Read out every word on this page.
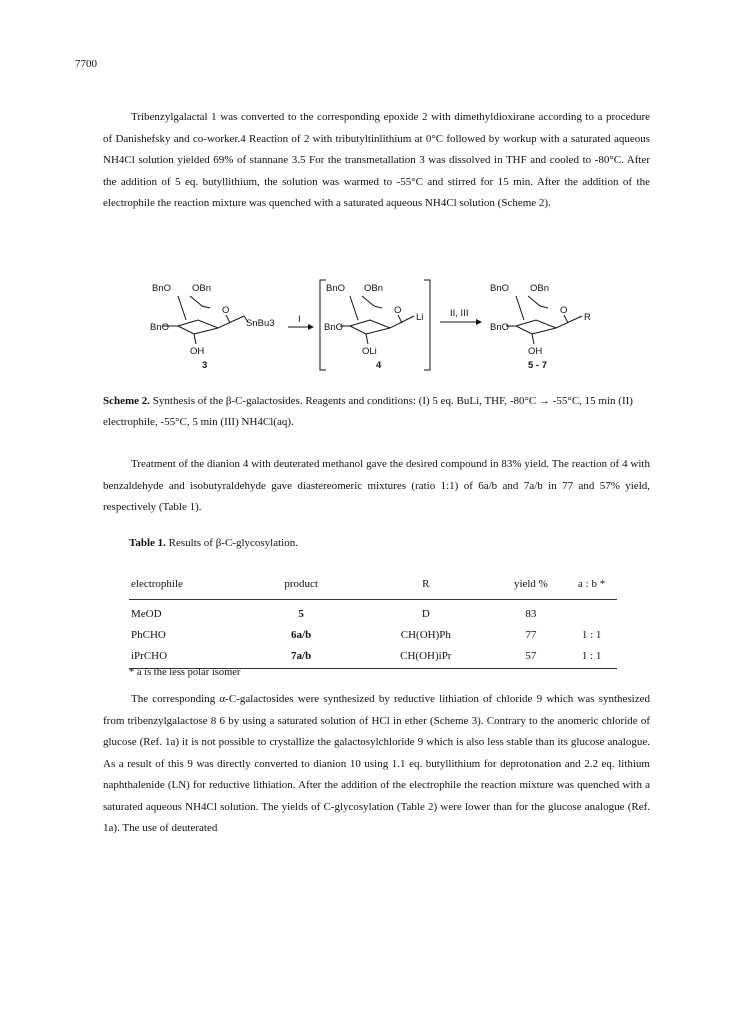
7700

Tribenzylgalactal 1 was converted to the corresponding epoxide 2 with dimethyldioxirane according to a procedure of Danishefsky and co-worker.4 Reaction of 2 with tributyltinlithium at 0°C followed by workup with a saturated aqueous NH4Cl solution yielded 69% of stannane 3.5 For the transmetallation 3 was dissolved in THF and cooled to -80°C. After the addition of 5 eq. butyllithium, the solution was warmed to -55°C and stirred for 15 min. After the addition of the electrophile the reaction mixture was quenched with a saturated aqueous NH4Cl solution (Scheme 2).

BnO OBn
BnO
O
SnBu3
OH
3
I
BnO OBn
BnO
O
Li
OLi
4
II, III
BnO OBn
BnO
O
R
OH
5 - 7
Scheme 2. Synthesis of the β-C-galactosides. Reagents and conditions: (I) 5 eq. BuLi, THF, -80°C → -55°C, 15 min (II) electrophile, -55°C, 5 min (III) NH4Cl(aq).

Treatment of the dianion 4 with deuterated methanol gave the desired compound in 83% yield. The reaction of 4 with benzaldehyde and isobutyraldehyde gave diastereomeric mixtures (ratio 1:1) of 6a/b and 7a/b in 77 and 57% yield, respectively (Table 1).

Table 1. Results of β-C-glycosylation.
electrophile	product	R	yield %	a : b *
MeOD	5	D	83	
PhCHO	6a/b	CH(OH)Ph	77	1 : 1
iPrCHO	7a/b	CH(OH)iPr	57	1 : 1
* a is the less polar isomer

The corresponding α-C-galactosides were synthesized by reductive lithiation of chloride 9 which was synthesized from tribenzylgalactose 8 6 by using a saturated solution of HCl in ether (Scheme 3). Contrary to the anomeric chloride of glucose (Ref. 1a) it is not possible to crystallize the galactosylchloride 9 which is also less stable than its glucose analogue. As a result of this 9 was directly converted to dianion 10 using 1.1 eq. butyllithium for deprotonation and 2.2 eq. lithium naphthalenide (LN) for reductive lithiation. After the addition of the electrophile the reaction mixture was quenched with a saturated aqueous NH4Cl solution. The yields of C-glycosylation (Table 2) were lower than for the glucose analogue (Ref. 1a). The use of deuterated
